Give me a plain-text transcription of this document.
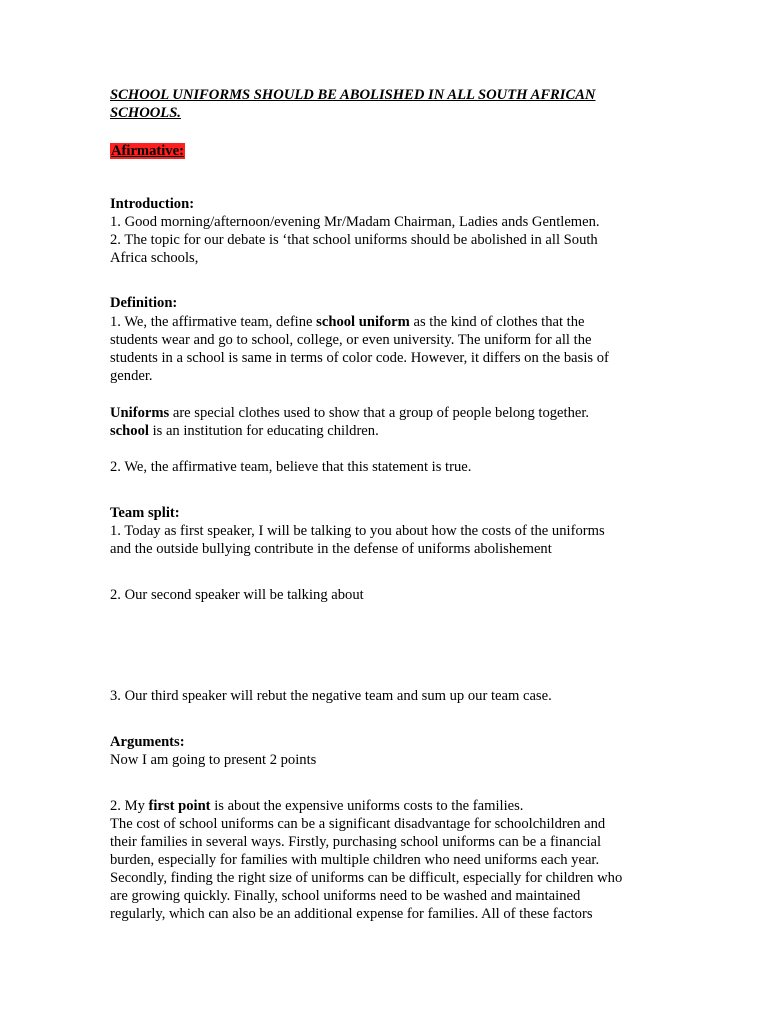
SCHOOL UNIFORMS SHOULD BE ABOLISHED IN ALL SOUTH AFRICAN
SCHOOLS.
Afirmative:
Introduction:
1. Good morning/afternoon/evening Mr/Madam Chairman, Ladies ands Gentlemen.
2. The topic for our debate is ‘that school uniforms should be abolished in all South
Africa schools,
Definition:
1. We, the affirmative team, define school uniform as the kind of clothes that the
students wear and go to school, college, or even university. The uniform for all the
students in a school is same in terms of color code. However, it differs on the basis of
gender.
Uniforms are special clothes used to show that a group of people belong together.
school is an institution for educating children.
2. We, the affirmative team, believe that this statement is true.
Team split:
1. Today as first speaker, I will be talking to you about how the costs of the uniforms
and the outside bullying contribute in the defense of uniforms abolishement
2. Our second speaker will be talking about
3. Our third speaker will rebut the negative team and sum up our team case.
Arguments:
Now I am going to present 2 points
2. My first point is about the expensive uniforms costs to the families.
The cost of school uniforms can be a significant disadvantage for schoolchildren and
their families in several ways. Firstly, purchasing school uniforms can be a financial
burden, especially for families with multiple children who need uniforms each year.
Secondly, finding the right size of uniforms can be difficult, especially for children who
are growing quickly. Finally, school uniforms need to be washed and maintained
regularly, which can also be an additional expense for families. All of these factors
